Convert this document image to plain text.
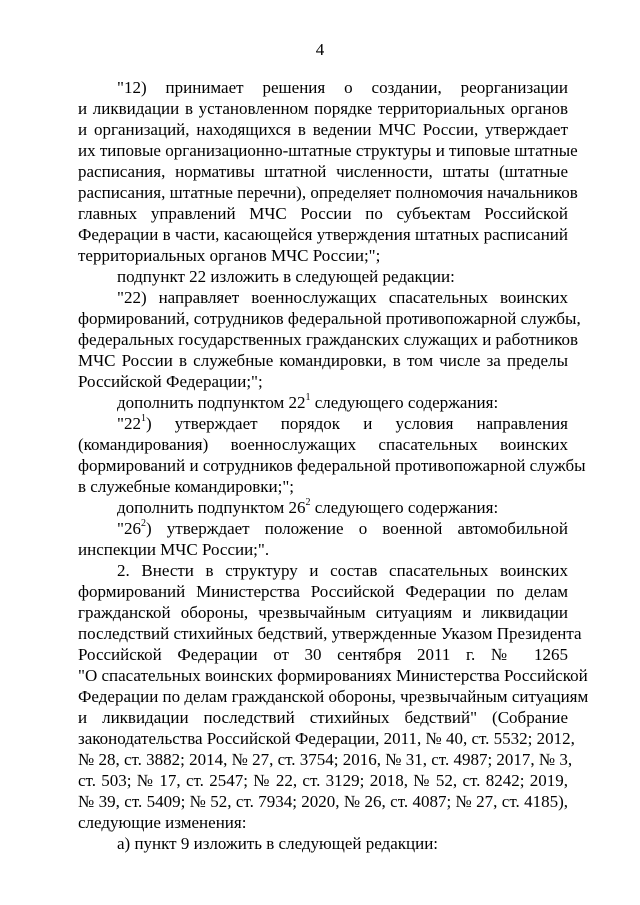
4
"12) принимает решения о создании, реорганизации
и ликвидации в установленном порядке территориальных органов
и организаций, находящихся в ведении МЧС России, утверждает
их типовые организационно-штатные структуры и типовые штатные
расписания, нормативы штатной численности, штаты (штатные
расписания, штатные перечни), определяет полномочия начальников
главных управлений МЧС России по субъектам Российской
Федерации в части, касающейся утверждения штатных расписаний
территориальных органов МЧС России;";
подпункт 22 изложить в следующей редакции:
"22) направляет военнослужащих спасательных воинских
формирований, сотрудников федеральной противопожарной службы,
федеральных государственных гражданских служащих и работников
МЧС России в служебные командировки, в том числе за пределы
Российской Федерации;";
дополнить подпунктом $22^1$ следующего содержания:
"$22^1$) утверждает порядок и условия направления
(командирования) военнослужащих спасательных воинских
формирований и сотрудников федеральной противопожарной службы
в служебные командировки;";
дополнить подпунктом $26^2$ следующего содержания:
"$26^2$) утверждает положение о военной автомобильной
инспекции МЧС России;".
2. Внести в структуру и состав спасательных воинских
формирований Министерства Российской Федерации по делам
гражданской обороны, чрезвычайным ситуациям и ликвидации
последствий стихийных бедствий, утвержденные Указом Президента
Российской Федерации от 30 сентября 2011 г. № 1265
"О спасательных воинских формированиях Министерства Российской
Федерации по делам гражданской обороны, чрезвычайным ситуациям
и ликвидации последствий стихийных бедствий" (Собрание
законодательства Российской Федерации, 2011, № 40, ст. 5532; 2012,
№ 28, ст. 3882; 2014, № 27, ст. 3754; 2016, № 31, ст. 4987; 2017, № 3,
ст. 503; № 17, ст. 2547; № 22, ст. 3129; 2018, № 52, ст. 8242; 2019,
№ 39, ст. 5409; № 52, ст. 7934; 2020, № 26, ст. 4087; № 27, ст. 4185),
следующие изменения:
а) пункт 9 изложить в следующей редакции:
